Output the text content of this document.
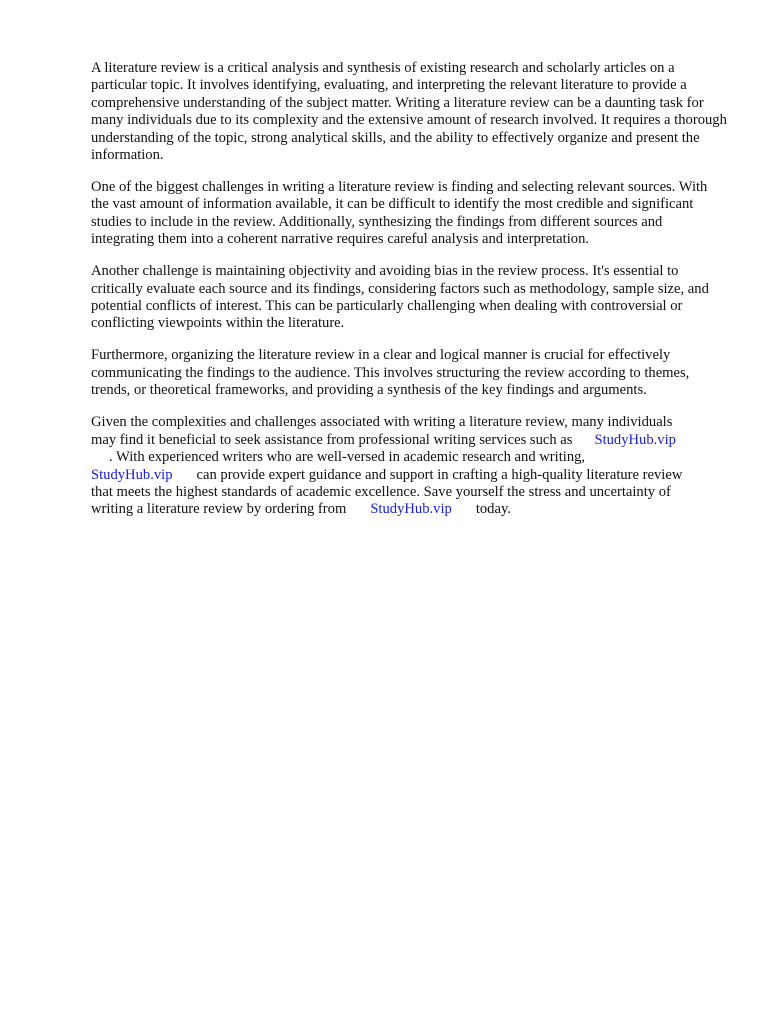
A literature review is a critical analysis and synthesis of existing research and scholarly articles on a particular topic. It involves identifying, evaluating, and interpreting the relevant literature to provide a comprehensive understanding of the subject matter. Writing a literature review can be a daunting task for many individuals due to its complexity and the extensive amount of research involved. It requires a thorough understanding of the topic, strong analytical skills, and the ability to effectively organize and present the information.

One of the biggest challenges in writing a literature review is finding and selecting relevant sources. With the vast amount of information available, it can be difficult to identify the most credible and significant studies to include in the review. Additionally, synthesizing the findings from different sources and integrating them into a coherent narrative requires careful analysis and interpretation.

Another challenge is maintaining objectivity and avoiding bias in the review process. It's essential to critically evaluate each source and its findings, considering factors such as methodology, sample size, and potential conflicts of interest. This can be particularly challenging when dealing with controversial or conflicting viewpoints within the literature.

Furthermore, organizing the literature review in a clear and logical manner is crucial for effectively communicating the findings to the audience. This involves structuring the review according to themes, trends, or theoretical frameworks, and providing a synthesis of the key findings and arguments.

Given the complexities and challenges associated with writing a literature review, many individuals
may find it beneficial to seek assistance from professional writing services such as StudyHub.vip
. With experienced writers who are well-versed in academic research and writing,
StudyHub.vip can provide expert guidance and support in crafting a high-quality literature review
that meets the highest standards of academic excellence. Save yourself the stress and uncertainty of
writing a literature review by ordering from StudyHub.vip today.
